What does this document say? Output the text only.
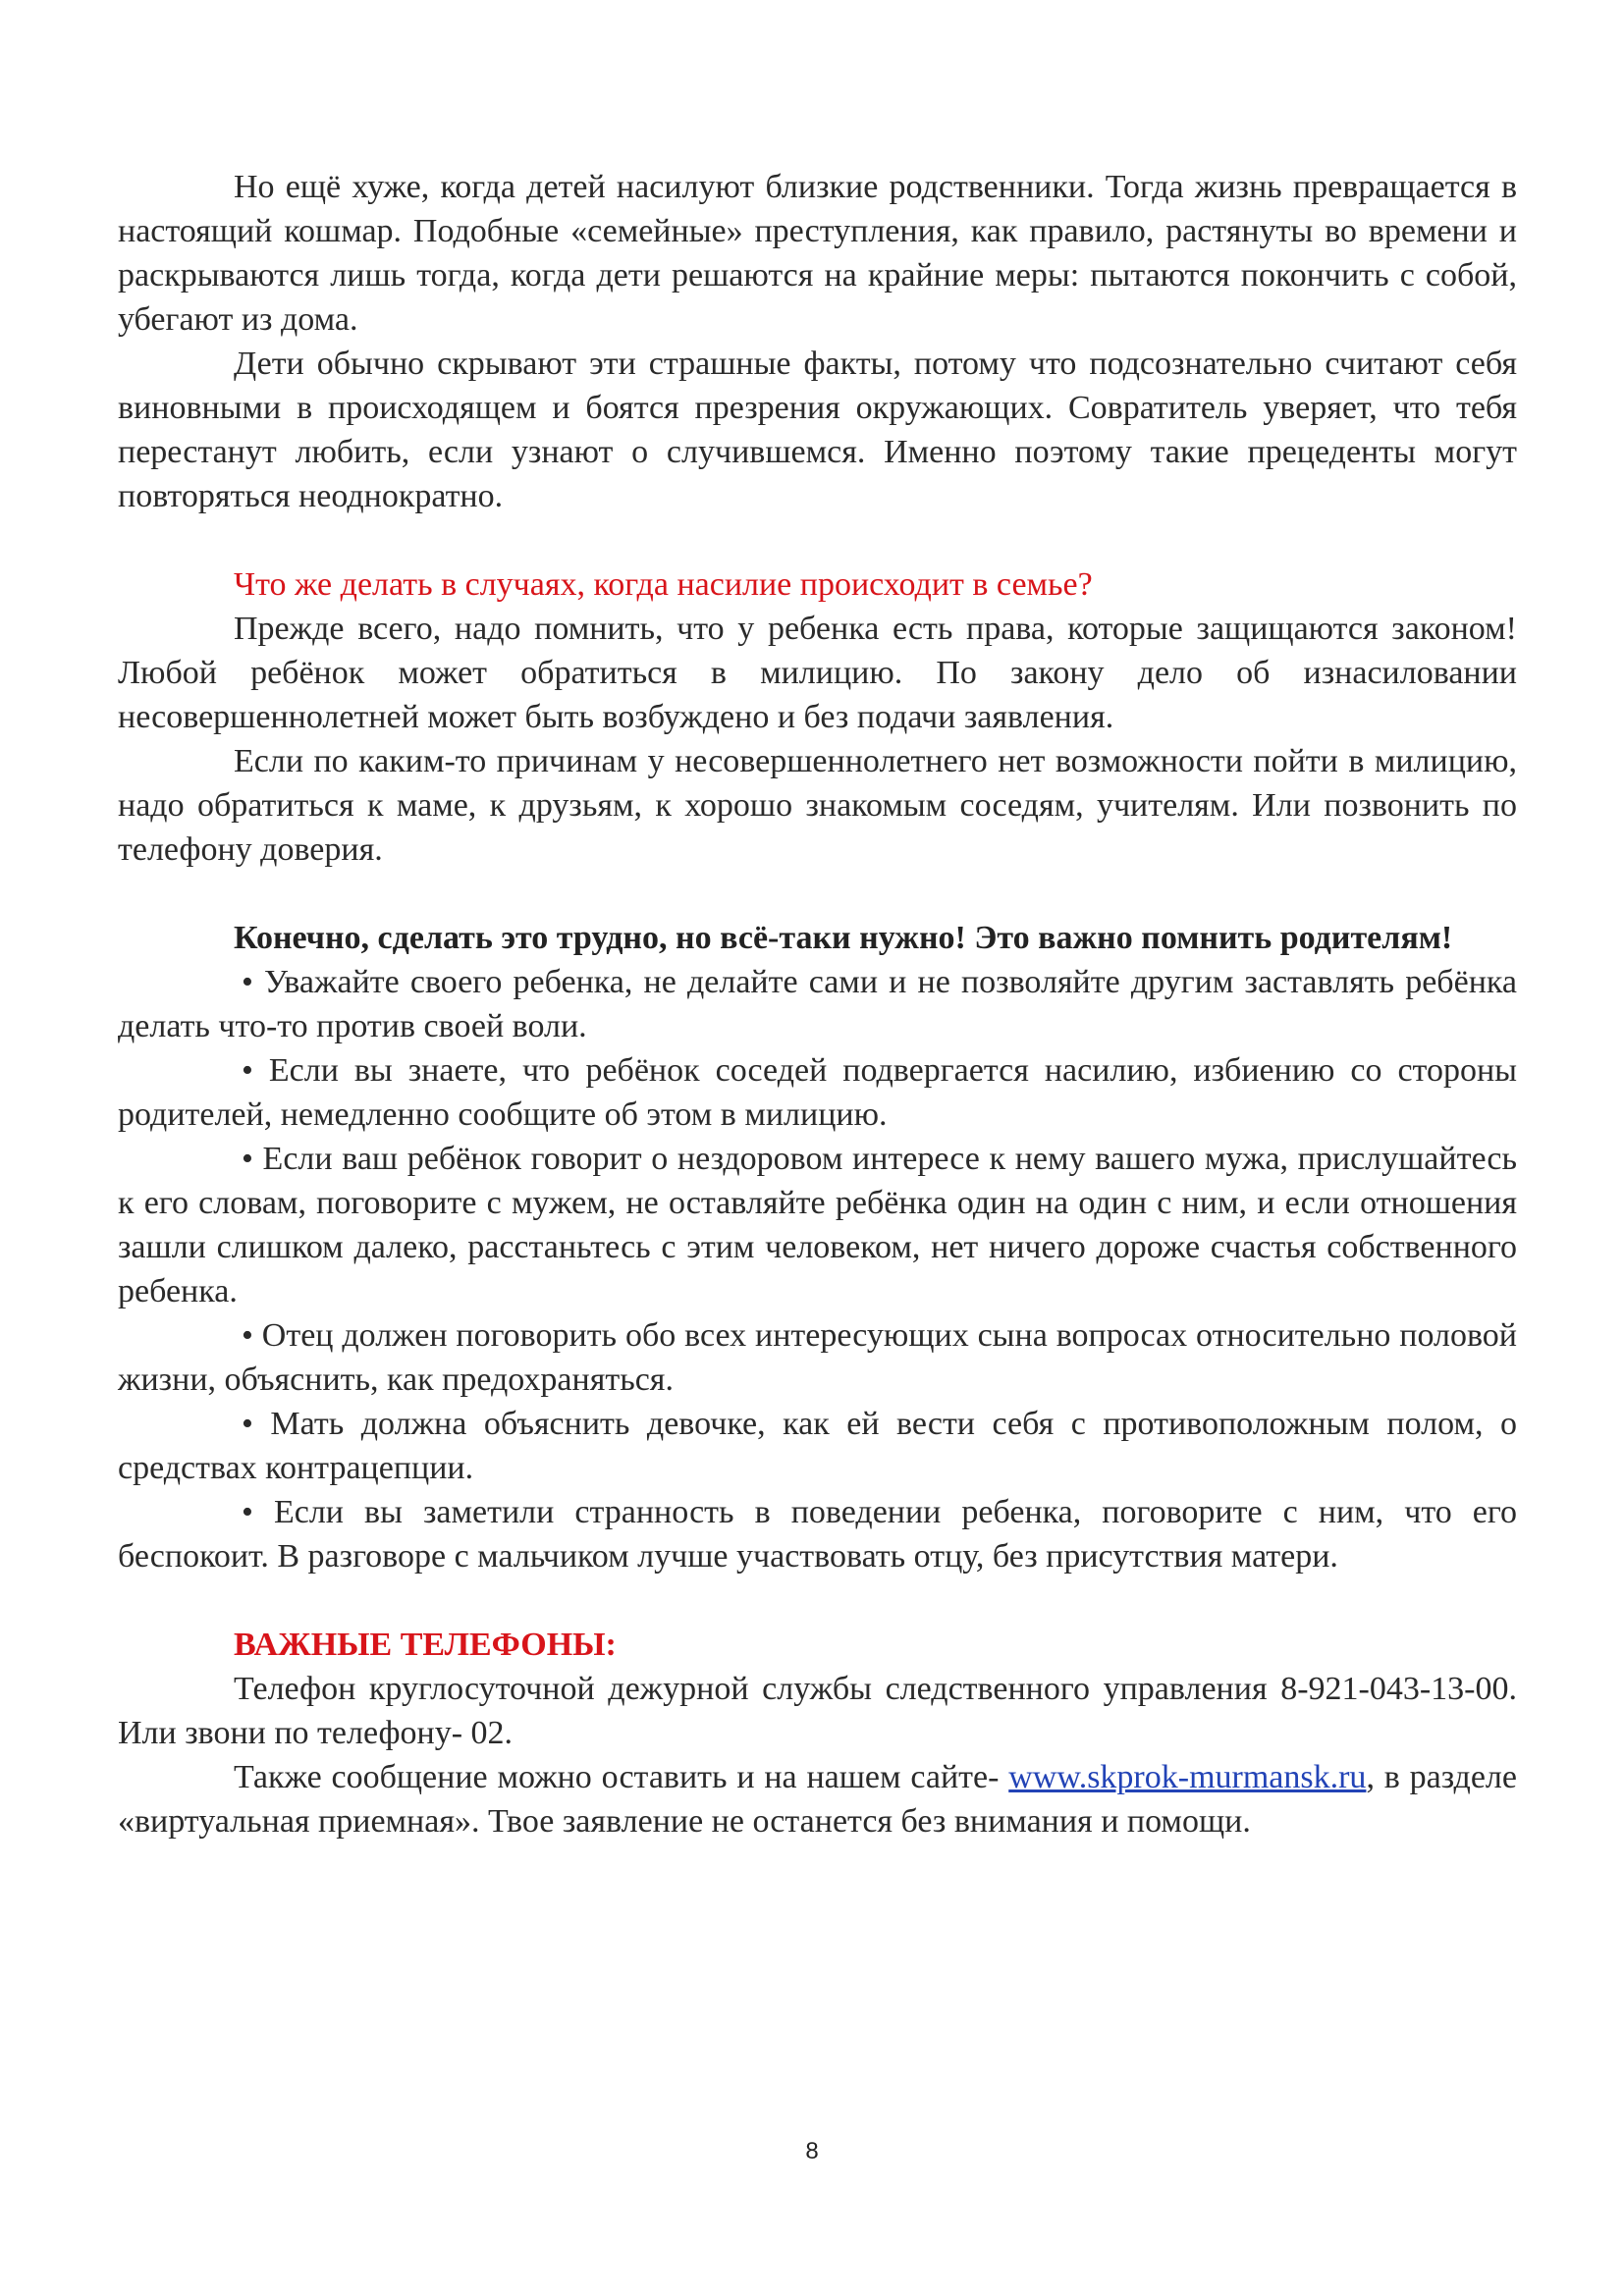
Но ещё хуже, когда детей насилуют близкие родственники. Тогда жизнь превращается в настоящий кошмар. Подобные «семейные» преступления, как правило, растянуты во времени и раскрываются лишь тогда, когда дети решаются на крайние меры: пытаются покончить с собой, убегают из дома.

Дети обычно скрывают эти страшные факты, потому что подсознательно считают себя виновными в происходящем и боятся презрения окружающих. Совратитель уверяет, что тебя перестанут любить, если узнают о случившемся. Именно поэтому такие прецеденты могут повторяться неоднократно.

Что же делать в случаях, когда насилие происходит в семье?

Прежде всего, надо помнить, что у ребенка есть права, которые защищаются законом! Любой ребёнок может обратиться в милицию. По закону дело об изнасиловании несовершеннолетней может быть возбуждено и без подачи заявления.

Если по каким-то причинам у несовершеннолетнего нет возможности пойти в милицию, надо обратиться к маме, к друзьям, к хорошо знакомым соседям, учителям. Или позвонить по телефону доверия.

Конечно, сделать это трудно, но всё-таки нужно! Это важно помнить родителям!

• Уважайте своего ребенка, не делайте сами и не позволяйте другим заставлять ребёнка делать что-то против своей воли.

• Если вы знаете, что ребёнок соседей подвергается насилию, избиению со стороны родителей, немедленно сообщите об этом в милицию.

• Если ваш ребёнок говорит о нездоровом интересе к нему вашего мужа, прислушайтесь к его словам, поговорите с мужем, не оставляйте ребёнка один на один с ним, и если отношения зашли слишком далеко, расстаньтесь с этим человеком, нет ничего дороже счастья собственного ребенка.

• Отец должен поговорить обо всех интересующих сына вопросах относительно половой жизни, объяснить, как предохраняться.

• Мать должна объяснить девочке, как ей вести себя с противоположным полом, о средствах контрацепции.

• Если вы заметили странность в поведении ребенка, поговорите с ним, что его беспокоит. В разговоре с мальчиком лучше участвовать отцу, без присутствия матери.

ВАЖНЫЕ ТЕЛЕФОНЫ:

Телефон круглосуточной дежурной службы следственного управления 8-921-043-13-00. Или звони по телефону- 02.

Также сообщение можно оставить и на нашем сайте- www.skprok-murmansk.ru, в разделе «виртуальная приемная». Твое заявление не останется без внимания и помощи.

8
